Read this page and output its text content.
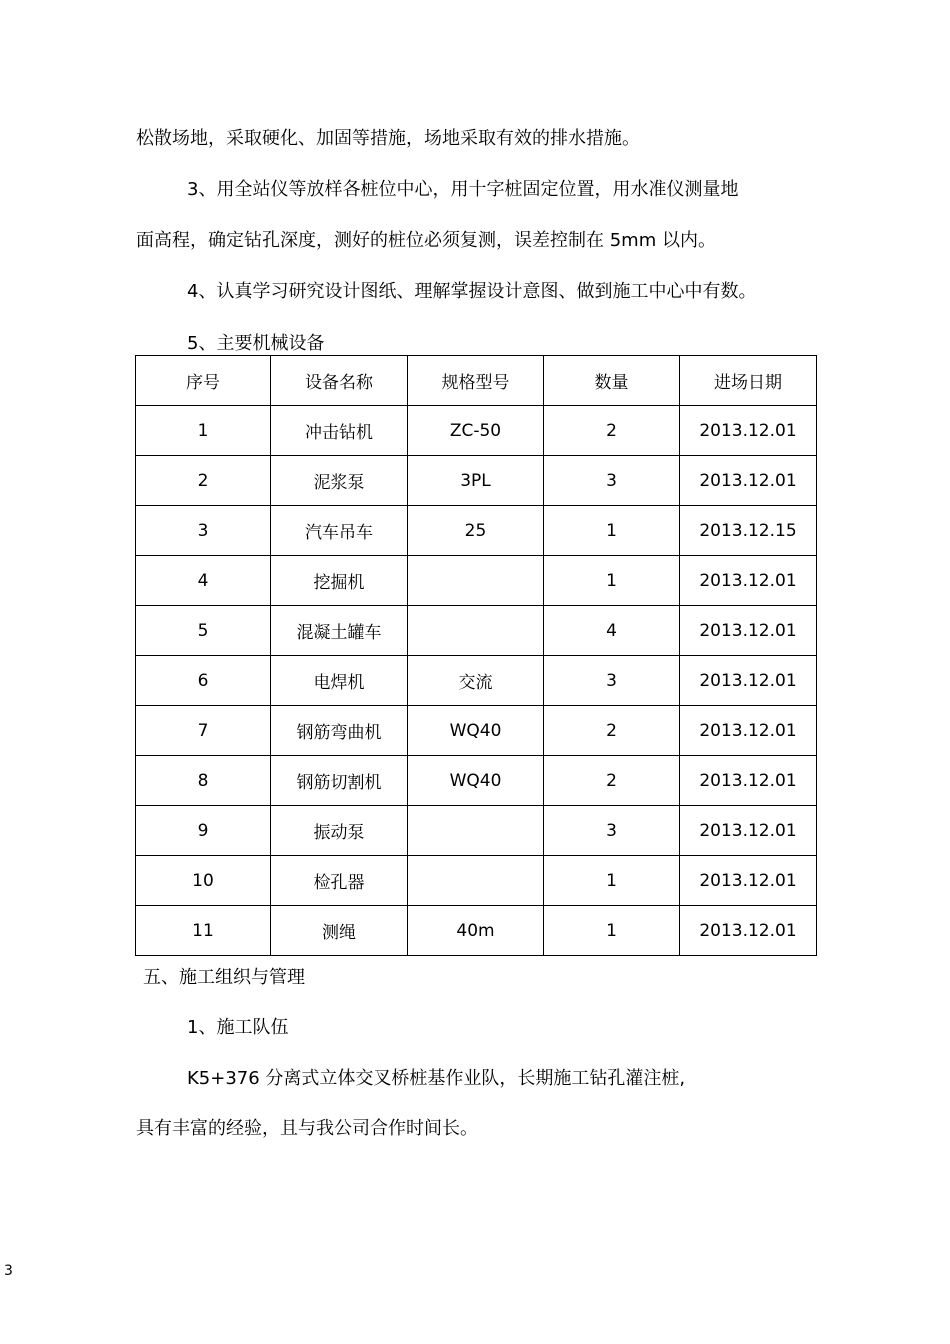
松散场地，采取硬化、加固等措施，场地采取有效的排水措施。
3、用全站仪等放样各桩位中心，用十字桩固定位置，用水准仪测量地
面高程，确定钻孔深度，测好的桩位必须复测，误差控制在 5mm 以内。
4、认真学习研究设计图纸、理解掌握设计意图、做到施工中心中有数。
5、主要机械设备
序号	设备名称	规格型号	数量	进场日期
1	冲击钻机	ZC-50	2	2013.12.01
2	泥浆泵	3PL	3	2013.12.01
3	汽车吊车	25	1	2013.12.15
4	挖掘机		1	2013.12.01
5	混凝土罐车		4	2013.12.01
6	电焊机	交流	3	2013.12.01
7	钢筋弯曲机	WQ40	2	2013.12.01
8	钢筋切割机	WQ40	2	2013.12.01
9	振动泵		3	2013.12.01
10	检孔器		1	2013.12.01
11	测绳	40m	1	2013.12.01
五、施工组织与管理
1、施工队伍
K5+376 分离式立体交叉桥桩基作业队，长期施工钻孔灌注桩,
具有丰富的经验，且与我公司合作时间长。
3
